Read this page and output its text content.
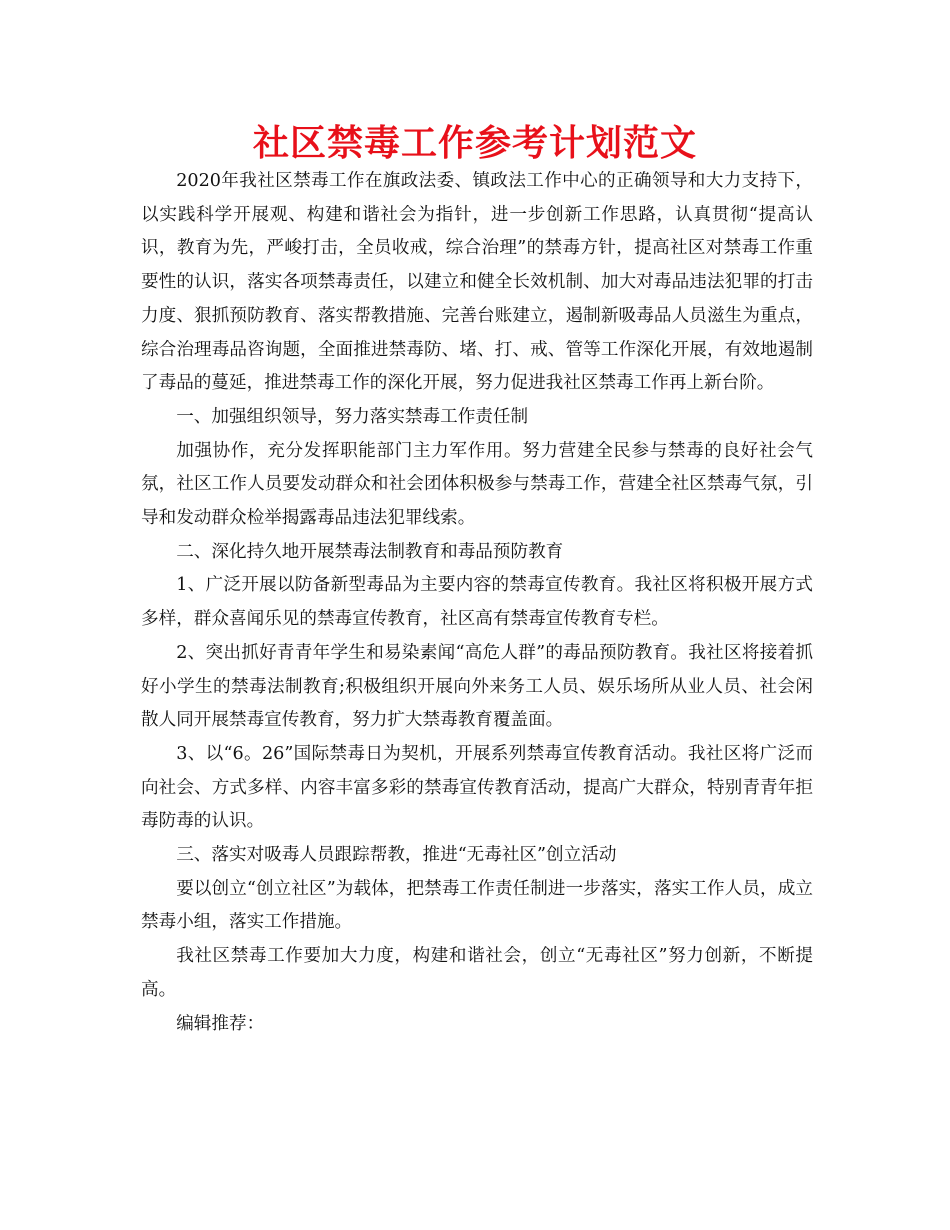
社区禁毒工作参考计划范文

2020年我社区禁毒工作在旗政法委、镇政法工作中心的正确领导和大力支持下，以实践科学开展观、构建和谐社会为指针，进一步创新工作思路，认真贯彻“提高认识，教育为先，严峻打击，全员收戒，综合治理”的禁毒方针，提高社区对禁毒工作重要性的认识，落实各项禁毒责任，以建立和健全长效机制、加大对毒品违法犯罪的打击力度、狠抓预防教育、落实帮教措施、完善台账建立，遏制新吸毒品人员滋生为重点，综合治理毒品咨询题，全面推进禁毒防、堵、打、戒、管等工作深化开展，有效地遏制了毒品的蔓延，推进禁毒工作的深化开展，努力促进我社区禁毒工作再上新台阶。

一、加强组织领导，努力落实禁毒工作责任制

加强协作，充分发挥职能部门主力军作用。努力营建全民参与禁毒的良好社会气氛，社区工作人员要发动群众和社会团体积极参与禁毒工作，营建全社区禁毒气氛，引导和发动群众检举揭露毒品违法犯罪线索。

二、深化持久地开展禁毒法制教育和毒品预防教育

1、广泛开展以防备新型毒品为主要内容的禁毒宣传教育。我社区将积极开展方式多样，群众喜闻乐见的禁毒宣传教育，社区高有禁毒宣传教育专栏。

2、突出抓好青青年学生和易染素闻“高危人群”的毒品预防教育。我社区将接着抓好小学生的禁毒法制教育;积极组织开展向外来务工人员、娱乐场所从业人员、社会闲散人同开展禁毒宣传教育，努力扩大禁毒教育覆盖面。

3、以“6。26”国际禁毒日为契机，开展系列禁毒宣传教育活动。我社区将广泛而向社会、方式多样、内容丰富多彩的禁毒宣传教育活动，提高广大群众，特别青青年拒毒防毒的认识。

三、落实对吸毒人员跟踪帮教，推进“无毒社区”创立活动

要以创立“创立社区”为载体，把禁毒工作责任制进一步落实，落实工作人员，成立禁毒小组，落实工作措施。

我社区禁毒工作要加大力度，构建和谐社会，创立“无毒社区”努力创新，不断提高。

编辑推荐：
